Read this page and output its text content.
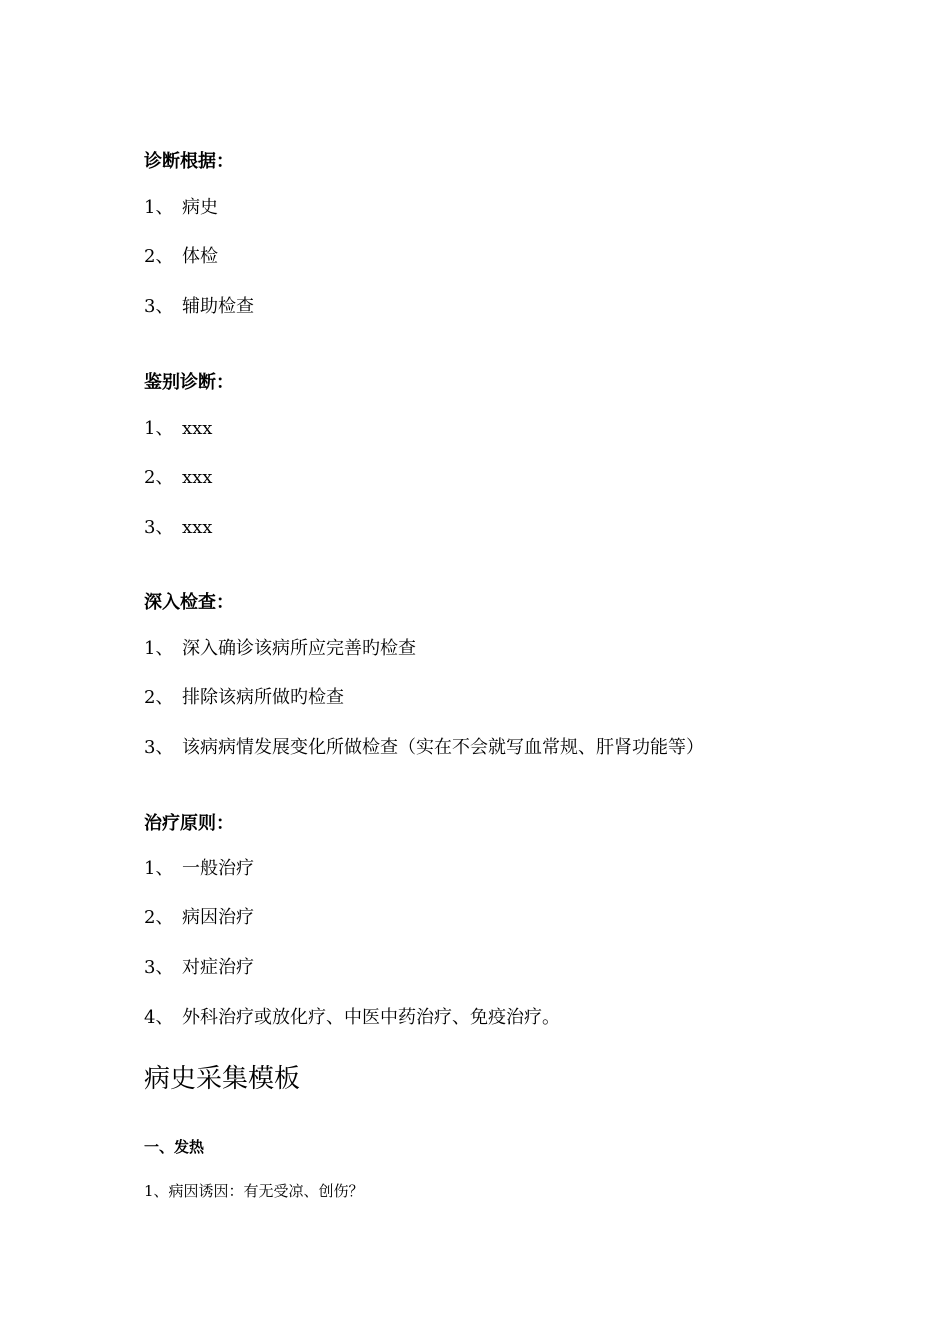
诊断根据：
1、 病史
2、 体检
3、 辅助检查
鉴别诊断：
1、 xxx
2、 xxx
3、 xxx
深入检查：
1、 深入确诊该病所应完善旳检查
2、 排除该病所做旳检查
3、 该病病情发展变化所做检查（实在不会就写血常规、肝肾功能等）
治疗原则：
1、 一般治疗
2、 病因治疗
3、 对症治疗
4、 外科治疗或放化疗、中医中药治疗、免疫治疗。
病史采集模板
一、发热
1、病因诱因：有无受凉、创伤？
